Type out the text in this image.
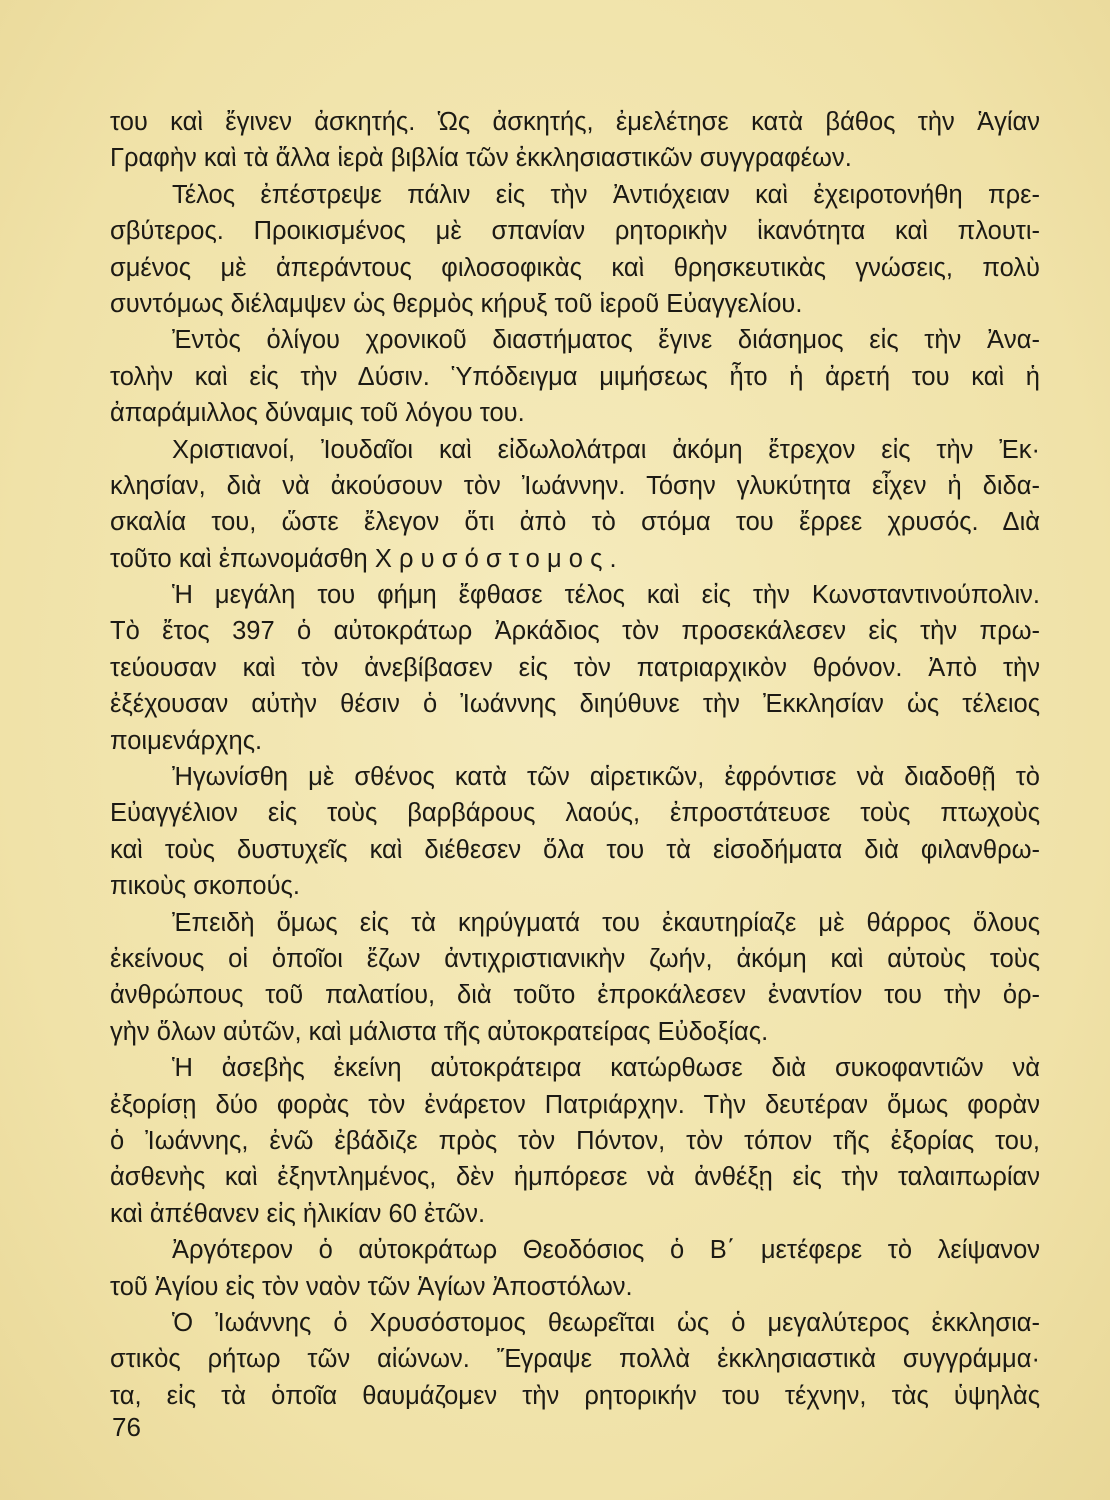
του καὶ ἔγινεν ἀσκητής. Ὡς ἀσκητής, ἐμελέτησε κατὰ βάθος τὴν Ἁγίαν
Γραφὴν καὶ τὰ ἄλλα ἱερὰ βιβλία τῶν ἐκκλησιαστικῶν συγγραφέων.
Τέλος ἐπέστρεψε πάλιν εἰς τὴν Ἀντιόχειαν καὶ ἐχειροτονήθη πρε-
σβύτερος. Προικισμένος μὲ σπανίαν ρητορικὴν ἱκανότητα καὶ πλουτι-
σμένος μὲ ἀπεράντους φιλοσοφικὰς καὶ θρησκευτικὰς γνώσεις, πολὺ
συντόμως διέλαμψεν ὡς θερμὸς κήρυξ τοῦ ἱεροῦ Εὐαγγελίου.
Ἐντὸς ὀλίγου χρονικοῦ διαστήματος ἔγινε διάσημος εἰς τὴν Ἀνα-
τολὴν καὶ εἰς τὴν Δύσιν. Ὑπόδειγμα μιμήσεως ἦτο ἡ ἀρετή του καὶ ἡ
ἀπαράμιλλος δύναμις τοῦ λόγου του.
Χριστιανοί, Ἰουδαῖοι καὶ εἰδωλολάτραι ἀκόμη ἔτρεχον εἰς τὴν Ἐκ·
κλησίαν, διὰ νὰ ἀκούσουν τὸν Ἰωάννην. Τόσην γλυκύτητα εἶχεν ἡ διδα-
σκαλία του, ὥστε ἔλεγον ὅτι ἀπὸ τὸ στόμα του ἔρρεε χρυσός. Διὰ
τοῦτο καὶ ἐπωνομάσθη Χρυσόστομος.
Ἡ μεγάλη του φήμη ἔφθασε τέλος καὶ εἰς τὴν Κωνσταντινούπολιν.
Τὸ ἔτος 397 ὁ αὐτοκράτωρ Ἀρκάδιος τὸν προσεκάλεσεν εἰς τὴν πρω-
τεύουσαν καὶ τὸν ἀνεβίβασεν εἰς τὸν πατριαρχικὸν θρόνον. Ἀπὸ τὴν
ἐξέχουσαν αὐτὴν θέσιν ὁ Ἰωάννης διηύθυνε τὴν Ἐκκλησίαν ὡς τέλειος
ποιμενάρχης.
Ἠγωνίσθη μὲ σθένος κατὰ τῶν αἱρετικῶν, ἐφρόντισε νὰ διαδοθῇ τὸ
Εὐαγγέλιον εἰς τοὺς βαρβάρους λαούς, ἐπροστάτευσε τοὺς πτωχοὺς
καὶ τοὺς δυστυχεῖς καὶ διέθεσεν ὅλα του τὰ εἰσοδήματα διὰ φιλανθρω-
πικοὺς σκοπούς.
Ἐπειδὴ ὅμως εἰς τὰ κηρύγματά του ἐκαυτηρίαζε μὲ θάρρος ὅλους
ἐκείνους οἱ ὁποῖοι ἔζων ἀντιχριστιανικὴν ζωήν, ἀκόμη καὶ αὐτοὺς τοὺς
ἀνθρώπους τοῦ παλατίου, διὰ τοῦτο ἐπροκάλεσεν ἐναντίον του τὴν ὀρ-
γὴν ὅλων αὐτῶν, καὶ μάλιστα τῆς αὐτοκρατείρας Εὐδοξίας.
Ἡ ἀσεβὴς ἐκείνη αὐτοκράτειρα κατώρθωσε διὰ συκοφαντιῶν νὰ
ἐξορίσῃ δύο φορὰς τὸν ἐνάρετον Πατριάρχην. Τὴν δευτέραν ὅμως φορὰν
ὁ Ἰωάννης, ἐνῶ ἐβάδιζε πρὸς τὸν Πόντον, τὸν τόπον τῆς ἐξορίας του,
ἀσθενὴς καὶ ἐξηντλημένος, δὲν ἠμπόρεσε νὰ ἀνθέξῃ εἰς τὴν ταλαιπωρίαν
καὶ ἀπέθανεν εἰς ἡλικίαν 60 ἐτῶν.
Ἀργότερον ὁ αὐτοκράτωρ Θεοδόσιος ὁ Β΄ μετέφερε τὸ λείψανον
τοῦ Ἁγίου εἰς τὸν ναὸν τῶν Ἁγίων Ἀποστόλων.
Ὁ Ἰωάννης ὁ Χρυσόστομος θεωρεῖται ὡς ὁ μεγαλύτερος ἐκκλησια-
στικὸς ρήτωρ τῶν αἰώνων. Ἔγραψε πολλὰ ἐκκλησιαστικὰ συγγράμμα·
τα, εἰς τὰ ὁποῖα θαυμάζομεν τὴν ρητορικήν του τέχνην, τὰς ὑψηλὰς
76
